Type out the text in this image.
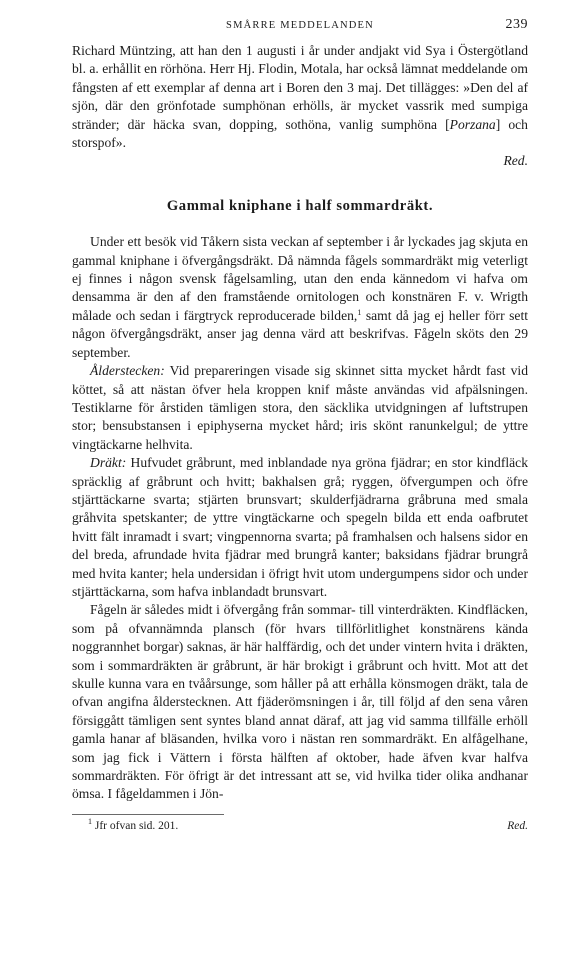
SMÅRRE MEDDELANDEN	239

Richard Müntzing, att han den 1 augusti i år under andjakt vid Sya i Östergötland bl. a. erhållit en rörhöna. Herr Hj. Flodin, Motala, har också lämnat meddelande om fångsten af ett exemplar af denna art i Boren den 3 maj. Det tillägges: »Den del af sjön, där den grönfotade sumphönan erhölls, är mycket vassrik med sumpiga stränder; där häcka svan, dopping, sothöna, vanlig sumphöna [Porzana] och storspof».

Red.

Gammal kniphane i half sommardräkt.

Under ett besök vid Tåkern sista veckan af september i år lyckades jag skjuta en gammal kniphane i öfvergångsdräkt. Då nämnda fågels sommardräkt mig veterligt ej finnes i någon svensk fågelsamling, utan den enda kännedom vi hafva om densamma är den af den framstående ornitologen och konstnären F. v. Wrigth målade och sedan i färgtryck reproducerade bilden,$^1$ samt då jag ej heller förr sett någon öfvergångsdräkt, anser jag denna värd att beskrifvas. Fågeln sköts den 29 september.

Ålderstecken: Vid prepareringen visade sig skinnet sitta mycket hårdt fast vid köttet, så att nästan öfver hela kroppen knif måste användas vid afpälsningen. Testiklarne för årstiden tämligen stora, den säcklika utvidgningen af luftstrupen stor; bensubstansen i epiphyserna mycket hård; iris skönt ranunkelgul; de yttre vingtäckarne helhvita.

Dräkt: Hufvudet gråbrunt, med inblandade nya gröna fjädrar; en stor kindfläck spräcklig af gråbrunt och hvitt; bakhalsen grå; ryggen, öfvergumpen och öfre stjärttäckarne svarta; stjärten brunsvart; skulderfjädrarna gråbruna med smala gråhvita spetskanter; de yttre vingtäckarne och spegeln bilda ett enda oafbrutet hvitt fält inramadt i svart; vingpennorna svarta; på framhalsen och halsens sidor en del breda, afrundade hvita fjädrar med brungrå kanter; baksidans fjädrar brungrå med hvita kanter; hela undersidan i öfrigt hvit utom undergumpens sidor och under stjärttäckarna, som hafva inblandadt brunsvart.

Fågeln är således midt i öfvergång från sommar- till vinterdräkten. Kindfläcken, som på ofvannämnda plansch (för hvars tillförlitlighet konstnärens kända noggrannhet borgar) saknas, är här halffärdig, och det under vintern hvita i dräkten, som i sommardräkten är gråbrunt, är här brokigt i gråbrunt och hvitt. Mot att det skulle kunna vara en tvåårsunge, som håller på att erhålla könsmogen dräkt, tala de ofvan angifna ålderstecknen. Att fjäderömsningen i år, till följd af den sena våren försiggått tämligen sent syntes bland annat däraf, att jag vid samma tillfälle erhöll gamla hanar af bläsanden, hvilka voro i nästan ren sommardräkt. En alfågelhane, som jag fick i Vättern i första hälften af oktober, hade äfven kvar halfva sommardräkten. För öfrigt är det intressant att se, vid hvilka tider olika andhanar ömsa. I fågeldammen i Jön-

$^1$ Jfr ofvan sid. 201.	Red.
